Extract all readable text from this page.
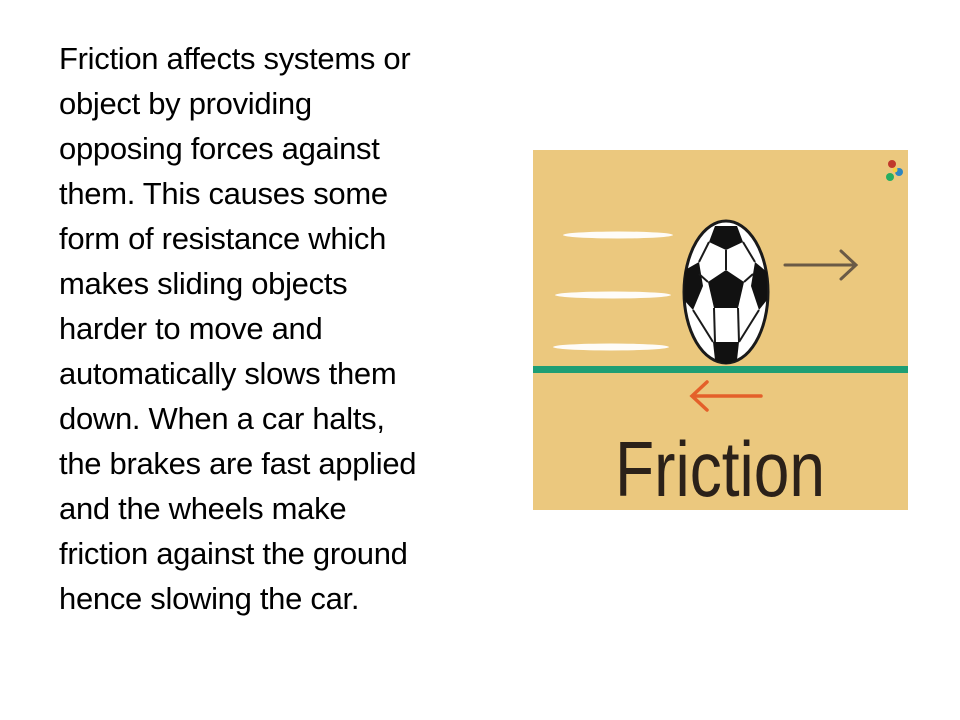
Friction affects systems or
object by providing
opposing forces against
them. This causes some
form of resistance which
makes sliding objects
harder to move and
automatically slows them
down. When a car halts,
the brakes are fast applied
and the wheels make
friction against the ground
hence slowing the car.
Friction
